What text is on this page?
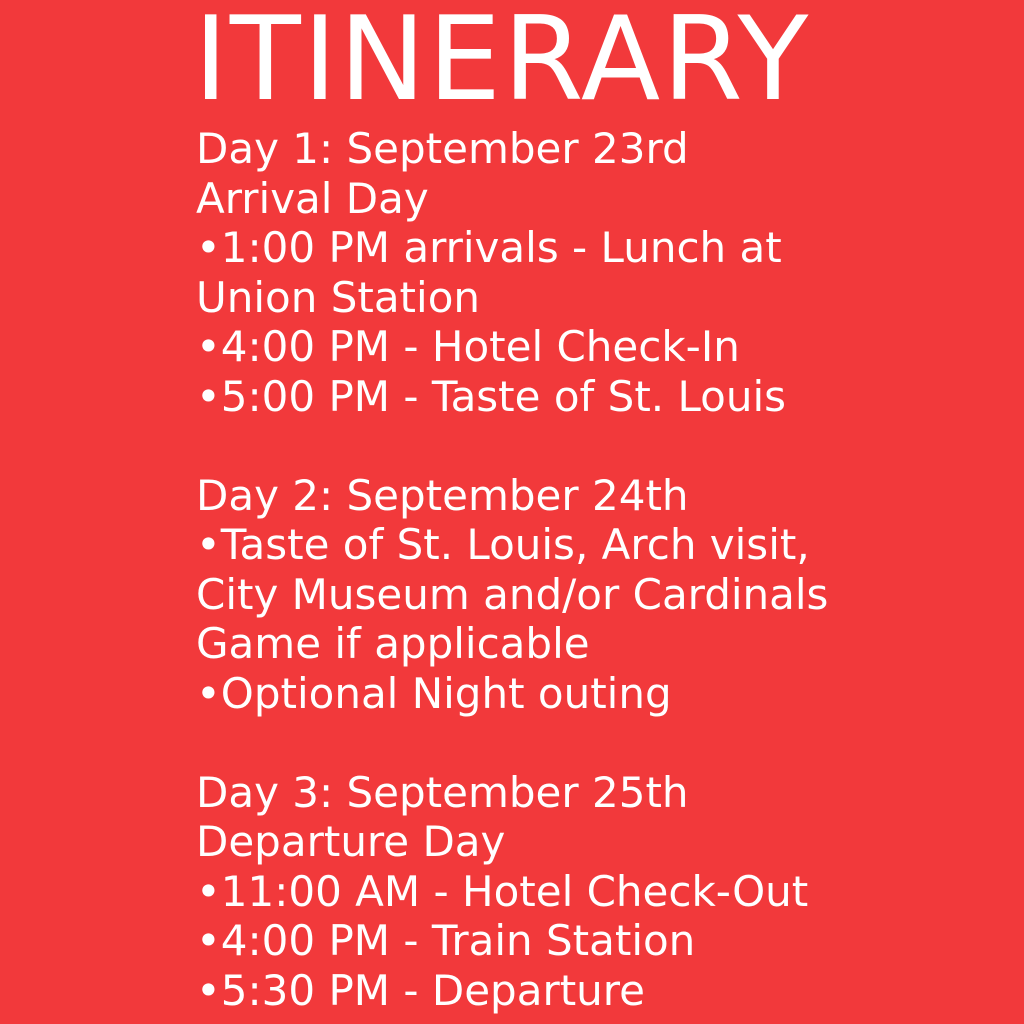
ITINERARY
Day 1: September 23rd
Arrival Day
•1:00 PM arrivals - Lunch at
Union Station
•4:00 PM - Hotel Check-In
•5:00 PM - Taste of St. Louis
Day 2: September 24th
•Taste of St. Louis, Arch visit,
City Museum and/or Cardinals
Game if applicable
•Optional Night outing
Day 3: September 25th
Departure Day
•11:00 AM - Hotel Check-Out
•4:00 PM - Train Station
•5:30 PM - Departure
